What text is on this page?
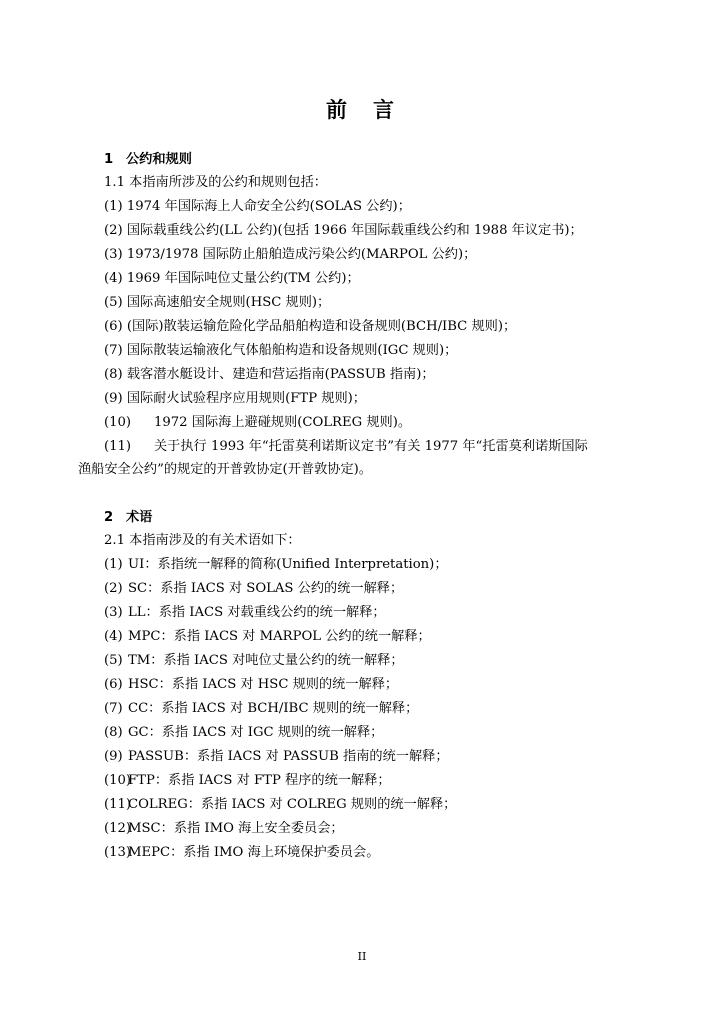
前 言
1 公约和规则
1.1 本指南所涉及的公约和规则包括：
(1) 1974 年国际海上人命安全公约(SOLAS 公约)；
(2) 国际载重线公约(LL 公约)(包括 1966 年国际载重线公约和 1988 年议定书)；
(3) 1973/1978 国际防止船舶造成污染公约(MARPOL 公约)；
(4) 1969 年国际吨位丈量公约(TM 公约)；
(5) 国际高速船安全规则(HSC 规则)；
(6) (国际)散装运输危险化学品船舶构造和设备规则(BCH/IBC 规则)；
(7) 国际散装运输液化气体船舶构造和设备规则(IGC 规则)；
(8) 载客潜水艇设计、建造和营运指南(PASSUB 指南)；
(9) 国际耐火试验程序应用规则(FTP 规则)；
(10) 1972 国际海上避碰规则(COLREG 规则)。
(11) 关于执行 1993 年“托雷莫利诺斯议定书”有关 1977 年“托雷莫利诺斯国际
渔船安全公约”的规定的开普敦协定(开普敦协定)。
2 术语
2.1 本指南涉及的有关术语如下：
(1) UI：系指统一解释的简称(Unified Interpretation)；
(2) SC：系指 IACS 对 SOLAS 公约的统一解释；
(3) LL：系指 IACS 对载重线公约的统一解释；
(4) MPC：系指 IACS 对 MARPOL 公约的统一解释；
(5) TM：系指 IACS 对吨位丈量公约的统一解释；
(6) HSC：系指 IACS 对 HSC 规则的统一解释；
(7) CC：系指 IACS 对 BCH/IBC 规则的统一解释；
(8) GC：系指 IACS 对 IGC 规则的统一解释；
(9) PASSUB：系指 IACS 对 PASSUB 指南的统一解释；
(10)FTP：系指 IACS 对 FTP 程序的统一解释；
(11)COLREG：系指 IACS 对 COLREG 规则的统一解释；
(12)MSC：系指 IMO 海上安全委员会；
(13)MEPC：系指 IMO 海上环境保护委员会。
II
